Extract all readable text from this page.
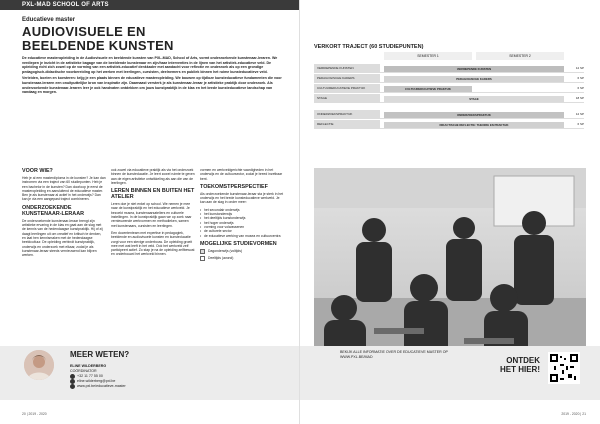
PXL-MAD SCHOOL OF ARTS
Educatieve master
AUDIOVISUELE EN
BEELDENDE KUNSTEN

De educatieve masteropleiding in de Audiovisuele en beeldende kunsten van PXL-MAD, School of Arts, vormt onderzoekende kunstenaar-leraren. We verdiepen je inzicht in de artistieke bagage van de beeldende kunstenaar en zijn/haar interventies in de lijnen van het artistiek-educatieve veld. De opleiding richt zich zowel op de vorming van een artistiek-educatief denkkader met aandacht voor reflectie en onderzoek als op een grondige pedagogisch-didactische voorbereiding op het werken met leerlingen, cursisten, deelnemers en publiek binnen het ruime kunsteducatieve veld.

Verleiden, boeien en koesteren: krijg je een plaats binnen de educatieve masteropleiding. We bouwen op tijdloze kunsteducatieve fundamenten die voor kunstenaar-leraren een onuitputtelijke bron van inspiratie zijn. Daarnaast versterk je als kunstenaar-leraar je artistieke praktijk door onderzoek. Als onderzoekende kunstenaar-leraren leer je ook handvaten ontdekken om jouw kunstpraktijk in de klas en het brede kunsteducatieve landschap van vandaag en morgen.

VOOR WIE?

Heb je al een masterdiploma in de kunsten? Je kan dan instromen via een traject van 60 studiepunten. Heb je een bachelor in de kunsten? Dan doorloop je eerst de masteropleiding en aansluitend de educatieve master. Ben je als kunstenaar al actief in het onderwijs? Dan kan je via een aangepast traject combineren.

ONDERZOEKENDE KUNSTENAAR-LERAAR

De onderzoekende kunstenaar-leraar brengt zijn artistieke ervaring in de klas en gaat aan de slag met de kennis van de hedendaagse kunstpraktijk. Hij of zij daagt leerlingen uit om creatief en kritisch te denken, en laat hen kennismaken met de hedendaagse beeldcultuur. De opleiding verbindt kunstpraktijk, onderwijs en onderzoek met elkaar, zodat je als kunstenaar-leraar steeds vernieuwend kan blijven werken.

ook zowel via educatieve praktijk als via het onderzoek binnen de kunsteducatie. Je leert zowel ruimte te geven aan de eigen artistieke ontwikkeling als aan die van de leerlingen.

LEREN BINNEN EN BUITEN HET ATELIER

Leren doe je niet enkel op school. We nemen je mee naar de kunstpraktijk en het educatieve werkveld. Je bezoekt musea, kunstenaarsateliers en culturele instellingen. In de kunstpraktijk gaan we op zoek naar vernieuwende werkvormen en methodieken, samen met kunstenaars, cursisten en leerlingen.

Een docententeam met expertise in pedagogiek, beeldende en audiovisuele kunsten en kunsteducatie zorgt voor een stevige onderbouw. De opleiding groeit mee met wat leeft in het veld. Ook het werkveld zelf participeert actief. Zo stap je na de opleiding zelfbewust en onderbouwd het werkveld binnen.

vormen en werkveldgerichte vaardigheden in het onderwijs en de cultuursector, zodat je breed inzetbaar bent.

TOEKOMSTPERSPECTIEF

Als onderzoekende kunstenaar-leraar sta je sterk in het onderwijs en het brede kunsteducatieve werkveld. Je kan aan de slag in onder meer:

• het secundair onderwijs
• het kunstonderwijs
• het deeltijds kunstonderwijs
• het hoger onderwijs
• vorming voor volwassenen
• de culturele sector
• de educatieve werking van musea en cultuurcentra
MOGELIJKE STUDIEVORMEN
Dagonderwijs (voltijds)
Deeltijds (avond)
MEER WETEN?
ELINE WILDERBERG
COÖRDINATOR
+32 11 77 55 00
eline.wilderberg@pxl.be
www.pxl.be/educatieve-master
20 | 2019 - 2020
VERKORT TRAJECT (60 STUDIEPUNTEN)
SEMESTER 1	SEMESTER 2
VERDIEPENDE KUNSTEN	VERDIEPENDE KUNSTEN	12 SP
PEDAGOGISCHE KADERS	PEDAGOGISCHE KADERS	6 SP
CULTUUREDUCATIEVE PRAKTIJK	CULTUUREDUCATIEVE PRAKTIJK	6 SP
STAGE	STAGE	18 SP
ONDERZOEKSPRAKTIJK	ONDERZOEKSPRAKTIJK	12 SP
REFLECTIE	DIDACTISCHE REFLECTIE: THEORIE EN PRAKTIJK	6 SP
BEKIJK ALLE INFORMATIE OVER DE EDUCATIEVE MASTER OP WWW.PXL.BE/MAD	ONTDEK
HET HIER!
2019 - 2020 | 21
